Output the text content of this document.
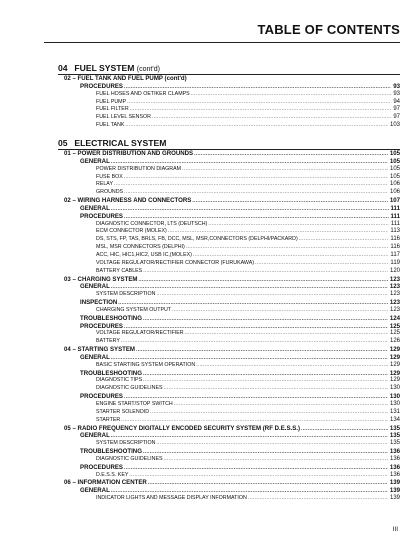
TABLE OF CONTENTS
04 FUEL SYSTEM (cont'd)
02 – FUEL TANK AND FUEL PUMP (cont'd)
PROCEDURES .....	93
FUEL HOSES AND OETIKER CLAMPS .....	93
FUEL PUMP .....	94
FUEL FILTER .....	97
FUEL LEVEL SENSOR .....	97
FUEL TANK .....	103
05 ELECTRICAL SYSTEM
01 – POWER DISTRIBUTION AND GROUNDS .....	105
GENERAL .....	105
POWER DISTRIBUTION DIAGRAM .....	105
FUSE BOX .....	105
RELAY .....	106
GROUNDS .....	106
02 – WIRING HARNESS AND CONNECTORS .....	107
GENERAL .....	111
PROCEDURES .....	111
DIAGNOSTIC CONNECTOR, LTS (DEUTSCH) .....	111
ECM CONNECTOR (MOLEX) .....	113
DS, STS, FP, TAS, BRLS, FB, DCC, MSL, MSR,CONNECTORS (DELPHI/PACKARD) .....	116
MSL, MSR CONNECTORS (DELPHI) .....	116
ACC, HIC, HIC1,HIC2, USB IC,(MOLEX) .....	117
VOLTAGE REGULATOR/RECTIFIER CONNECTOR (FURUKAWA) .....	119
BATTERY CABLES .....	120
03 – CHARGING SYSTEM .....	123
GENERAL .....	123
SYSTEM DESCRIPTION .....	123
INSPECTION .....	123
CHARGING SYSTEM OUTPUT .....	123
TROUBLESHOOTING .....	124
PROCEDURES .....	125
VOLTAGE REGULATOR/RECTIFIER .....	125
BATTERY .....	126
04 – STARTING SYSTEM .....	129
GENERAL .....	129
BASIC STARTING SYSTEM OPERATION .....	129
TROUBLESHOOTING .....	129
DIAGNOSTIC TIPS .....	129
DIAGNOSTIC GUIDELINES .....	130
PROCEDURES .....	130
ENGINE START/STOP SWITCH .....	130
STARTER SOLENOID .....	131
STARTER .....	134
05 – RADIO FREQUENCY DIGITALLY ENCODED SECURITY SYSTEM (RF D.E.S.S.) .....	135
GENERAL .....	135
SYSTEM DESCRIPTION .....	135
TROUBLESHOOTING .....	136
DIAGNOSTIC GUIDELINES .....	136
PROCEDURES .....	136
D.E.S.S. KEY .....	136
06 – INFORMATION CENTER .....	139
GENERAL .....	139
INDICATOR LIGHTS AND MESSAGE DISPLAY INFORMATION .....	139
III
